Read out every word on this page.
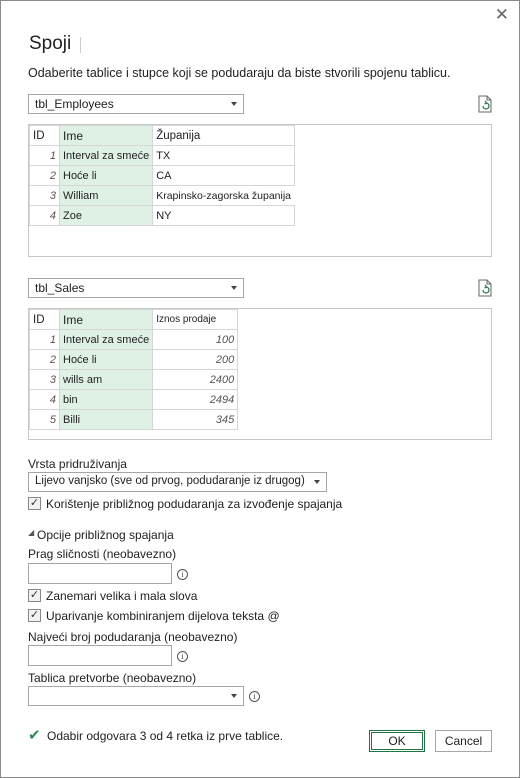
✕
Spoji
Odaberite tablice i stupce koji se podudaraju da biste stvorili spojenu tablicu.
tbl_Employees
ID	Ime	Županija
1	Interval za smeće	TX
2	Hoće li	CA
3	William	Krapinsko-zagorska županija
4	Zoe	NY
tbl_Sales
ID	Ime	Iznos prodaje
1	Interval za smeće	100
2	Hoće li	200
3	wills am	2400
4	bin	2494
5	Billi	345
Vrsta pridruživanja
Lijevo vanjsko (sve od prvog, podudaranje iz drugog)
✓ Korištenje približnog podudaranja za izvođenje spajanja
◢ Opcije približnog spajanja
Prag sličnosti (neobavezno)
i
✓ Zanemari velika i mala slova
✓ Uparivanje kombiniranjem dijelova teksta @
Najveći broj podudaranja (neobavezno)
i
Tablica pretvorbe (neobavezno)
i
✔ Odabir odgovara 3 od 4 retka iz prve tablice.	OK	Cancel
